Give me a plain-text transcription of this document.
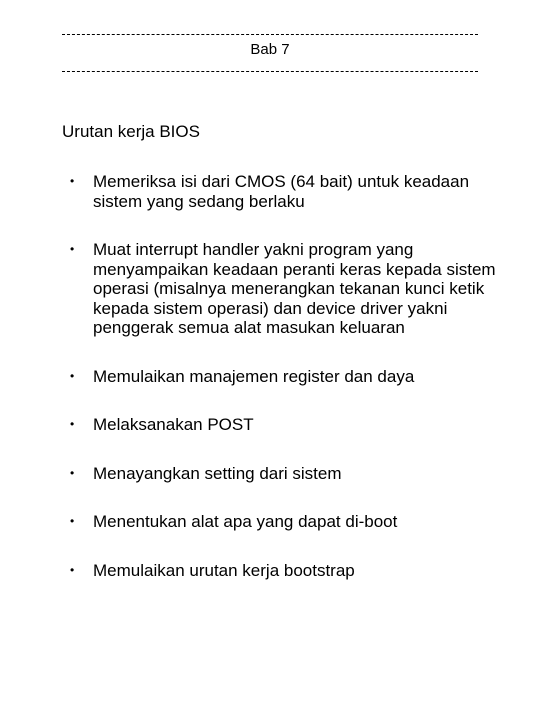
Bab 7
Urutan kerja BIOS
• Memeriksa isi dari CMOS (64 bait) untuk keadaan sistem yang sedang berlaku
• Muat interrupt handler yakni program yang menyampaikan keadaan peranti keras kepada sistem operasi (misalnya menerangkan tekanan kunci ketik kepada sistem operasi) dan device driver yakni penggerak semua alat masukan keluaran
• Memulaikan manajemen register dan daya
• Melaksanakan POST
• Menayangkan setting dari sistem
• Menentukan alat apa yang dapat di-boot
• Memulaikan urutan kerja bootstrap
